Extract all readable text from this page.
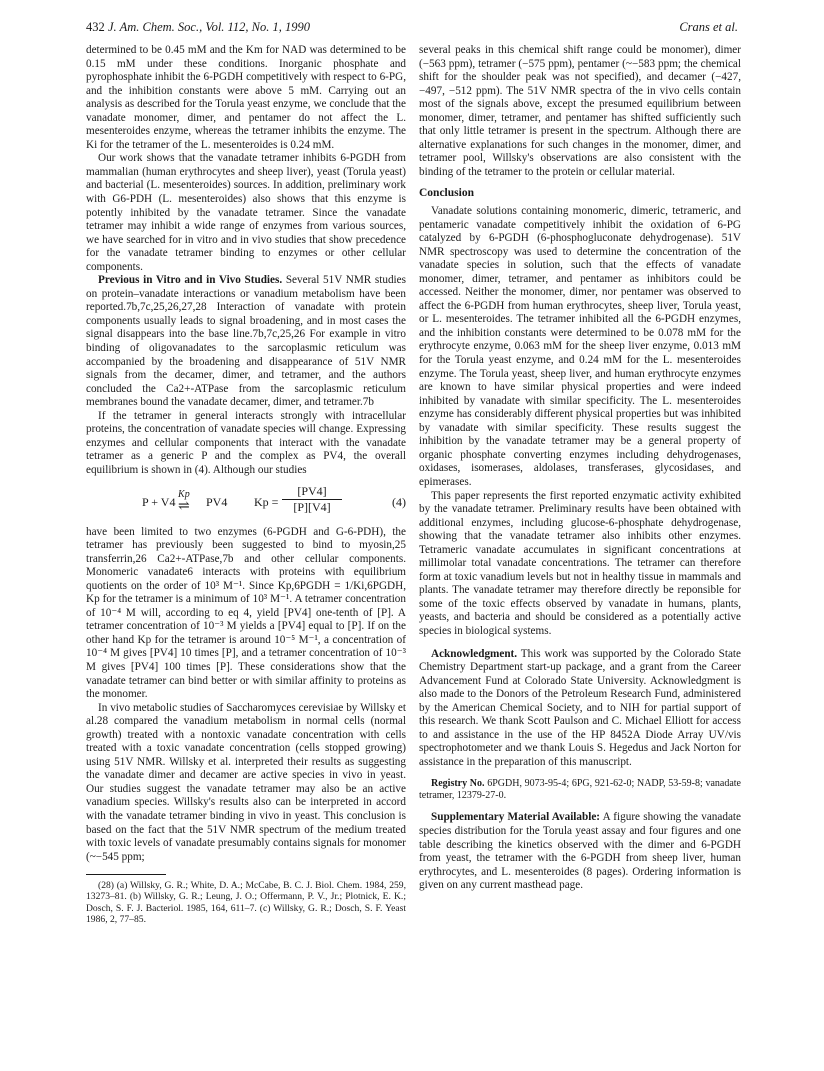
432 J. Am. Chem. Soc., Vol. 112, No. 1, 1990	Crans et al.

determined to be 0.45 mM and the Km for NAD was determined to be 0.15 mM under these conditions. Inorganic phosphate and pyrophosphate inhibit the 6-PGDH competitively with respect to 6-PG, and the inhibition constants were above 5 mM. Carrying out an analysis as described for the Torula yeast enzyme, we conclude that the vanadate monomer, dimer, and pentamer do not affect the L. mesenteroides enzyme, whereas the tetramer inhibits the enzyme. The Ki for the tetramer of the L. mesenteroides is 0.24 mM.

Our work shows that the vanadate tetramer inhibits 6-PGDH from mammalian (human erythrocytes and sheep liver), yeast (Torula yeast) and bacterial (L. mesenteroides) sources. In addition, preliminary work with G6-PDH (L. mesenteroides) also shows that this enzyme is potently inhibited by the vanadate tetramer. Since the vanadate tetramer may inhibit a wide range of enzymes from various sources, we have searched for in vitro and in vivo studies that show precedence for the vanadate tetramer binding to enzymes or other cellular components.

Previous in Vitro and in Vivo Studies. Several 51V NMR studies on protein–vanadate interactions or vanadium metabolism have been reported.7b,7c,25,26,27,28 Interaction of vanadate with protein components usually leads to signal broadening, and in most cases the signal disappears into the base line.7b,7c,25,26 For example in vitro binding of oligovanadates to the sarcoplasmic reticulum was accompanied by the broadening and disappearance of 51V NMR signals from the decamer, dimer, and tetramer, and the authors concluded the Ca2+-ATPase from the sarcoplasmic reticulum membranes bound the vanadate decamer, dimer, and tetramer.7b

If the tetramer in general interacts strongly with intracellular proteins, the concentration of vanadate species will change. Expressing enzymes and cellular components that interact with the vanadate tetramer as a generic P and the complex as PV4, the overall equilibrium is shown in (4). Although our studies

P + V4
Kp
⇌ PV4 $Kp = \frac{[PV4]}{[P][V4]}$	(4)

have been limited to two enzymes (6-PGDH and G-6-PDH), the tetramer has previously been suggested to bind to myosin,25 transferrin,26 Ca2+-ATPase,7b and other cellular components. Monomeric vanadate6 interacts with proteins with equilibrium quotients on the order of 10³ M⁻¹. Since Kp,6PGDH = 1/Ki,6PGDH, Kp for the tetramer is a minimum of 10³ M⁻¹. A tetramer concentration of 10⁻⁴ M will, according to eq 4, yield [PV4] one-tenth of [P]. A tetramer concentration of 10⁻³ M yields a [PV4] equal to [P]. If on the other hand Kp for the tetramer is around 10⁻⁵ M⁻¹, a concentration of 10⁻⁴ M gives [PV4] 10 times [P], and a tetramer concentration of 10⁻³ M gives [PV4] 100 times [P]. These considerations show that the vanadate tetramer can bind better or with similar affinity to proteins as the monomer.

In vivo metabolic studies of Saccharomyces cerevisiae by Willsky et al.28 compared the vanadium metabolism in normal cells (normal growth) treated with a nontoxic vanadate concentration with cells treated with a toxic vanadate concentration (cells stopped growing) using 51V NMR. Willsky et al. interpreted their results as suggesting the vanadate dimer and decamer are active species in vivo in yeast. Our studies suggest the vanadate tetramer may also be an active vanadium species. Willsky's results also can be interpreted in accord with the vanadate tetramer binding in vivo in yeast. This conclusion is based on the fact that the 51V NMR spectrum of the medium treated with toxic levels of vanadate presumably contains signals for monomer (~−545 ppm;

(28) (a) Willsky, G. R.; White, D. A.; McCabe, B. C. J. Biol. Chem. 1984, 259, 13273–81. (b) Willsky, G. R.; Leung, J. O.; Offermann, P. V., Jr.; Plotnick, E. K.; Dosch, S. F. J. Bacteriol. 1985, 164, 611–7. (c) Willsky, G. R.; Dosch, S. F. Yeast 1986, 2, 77–85.

several peaks in this chemical shift range could be monomer), dimer (−563 ppm), tetramer (−575 ppm), pentamer (~−583 ppm; the chemical shift for the shoulder peak was not specified), and decamer (−427, −497, −512 ppm). The 51V NMR spectra of the in vivo cells contain most of the signals above, except the presumed equilibrium between monomer, dimer, tetramer, and pentamer has shifted sufficiently such that only little tetramer is present in the spectrum. Although there are alternative explanations for such changes in the monomer, dimer, and tetramer pool, Willsky's observations are also consistent with the binding of the tetramer to the protein or cellular material.

Conclusion

Vanadate solutions containing monomeric, dimeric, tetrameric, and pentameric vanadate competitively inhibit the oxidation of 6-PG catalyzed by 6-PGDH (6-phosphogluconate dehydrogenase). 51V NMR spectroscopy was used to determine the concentration of the vanadate species in solution, such that the effects of vanadate monomer, dimer, tetramer, and pentamer as inhibitors could be accessed. Neither the monomer, dimer, nor pentamer was observed to affect the 6-PGDH from human erythrocytes, sheep liver, Torula yeast, or L. mesenteroides. The tetramer inhibited all the 6-PGDH enzymes, and the inhibition constants were determined to be 0.078 mM for the erythrocyte enzyme, 0.063 mM for the sheep liver enzyme, 0.013 mM for the Torula yeast enzyme, and 0.24 mM for the L. mesenteroides enzyme. The Torula yeast, sheep liver, and human erythrocyte enzymes are known to have similar physical properties and were indeed inhibited by vanadate with similar specificity. The L. mesenteroides enzyme has considerably different physical properties but was inhibited by vanadate with similar specificity. These results suggest the inhibition by the vanadate tetramer may be a general property of organic phosphate converting enzymes including dehydrogenases, oxidases, isomerases, aldolases, transferases, glycosidases, and epimerases.

This paper represents the first reported enzymatic activity exhibited by the vanadate tetramer. Preliminary results have been obtained with additional enzymes, including glucose-6-phosphate dehydrogenase, showing that the vanadate tetramer also inhibits other enzymes. Tetrameric vanadate accumulates in significant concentrations at millimolar total vanadate concentrations. The tetramer can therefore form at toxic vanadium levels but not in healthy tissue in mammals and plants. The vanadate tetramer may therefore directly be reponsible for some of the toxic effects observed by vanadate in humans, plants, yeasts, and bacteria and should be considered as a potentially active species in biological systems.

Acknowledgment. This work was supported by the Colorado State Chemistry Department start-up package, and a grant from the Career Advancement Fund at Colorado State University. Acknowledgment is also made to the Donors of the Petroleum Research Fund, administered by the American Chemical Society, and to NIH for partial support of this research. We thank Scott Paulson and C. Michael Elliott for access to and assistance in the use of the HP 8452A Diode Array UV/vis spectrophotometer and we thank Louis S. Hegedus and Jack Norton for assistance in the preparation of this manuscript.

Registry No. 6PGDH, 9073-95-4; 6PG, 921-62-0; NADP, 53-59-8; vanadate tetramer, 12379-27-0.

Supplementary Material Available: A figure showing the vanadate species distribution for the Torula yeast assay and four figures and one table describing the kinetics observed with the dimer and 6-PGDH from yeast, the tetramer with the 6-PGDH from sheep liver, human erythrocytes, and L. mesenteroides (8 pages). Ordering information is given on any current masthead page.
